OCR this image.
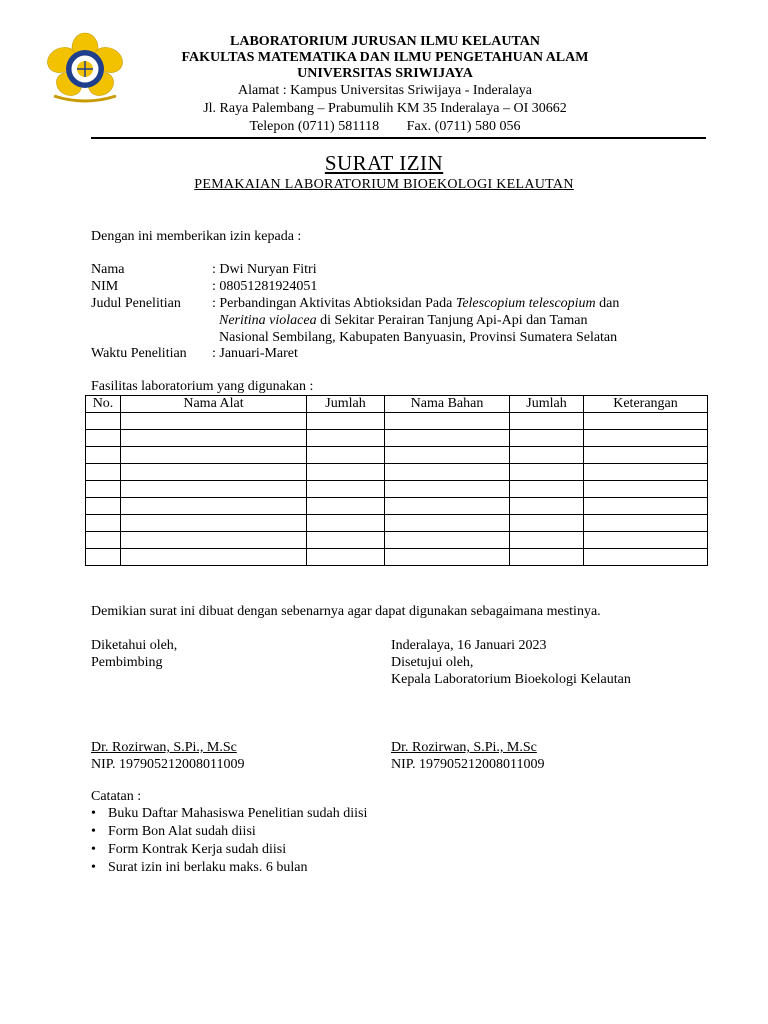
LABORATORIUM JURUSAN ILMU KELAUTAN
FAKULTAS MATEMATIKA DAN ILMU PENGETAHUAN ALAM
UNIVERSITAS SRIWIJAYA
Alamat : Kampus Universitas Sriwijaya - Inderalaya
Jl. Raya Palembang – Prabumulih KM 35 Inderalaya – OI 30662
Telepon (0711) 581118 Fax. (0711) 580 056
SURAT IZIN
PEMAKAIAN LABORATORIUM BIOEKOLOGI KELAUTAN
Dengan ini memberikan izin kepada :
Nama	: Dwi Nuryan Fitri
NIM	: 08051281924051
Judul Penelitian : Perbandingan Aktivitas Abtioksidan Pada Telescopium telescopium dan
Neritina violacea di Sekitar Perairan Tanjung Api-Api dan Taman
Nasional Sembilang, Kabupaten Banyuasin, Provinsi Sumatera Selatan
Waktu Penelitian : Januari-Maret
Fasilitas laboratorium yang digunakan :
No.	Nama Alat	Jumlah	Nama Bahan	Jumlah	Keterangan

Demikian surat ini dibuat dengan sebenarnya agar dapat digunakan sebagaimana mestinya.
Diketahui oleh,
Pembimbing
Dr. Rozirwan, S.Pi., M.Sc
NIP. 197905212008011009
Inderalaya, 16 Januari 2023
Disetujui oleh,
Kepala Laboratorium Bioekologi Kelautan
Dr. Rozirwan, S.Pi., M.Sc
NIP. 197905212008011009
Catatan :
• Buku Daftar Mahasiswa Penelitian sudah diisi
• Form Bon Alat sudah diisi
• Form Kontrak Kerja sudah diisi
• Surat izin ini berlaku maks. 6 bulan
